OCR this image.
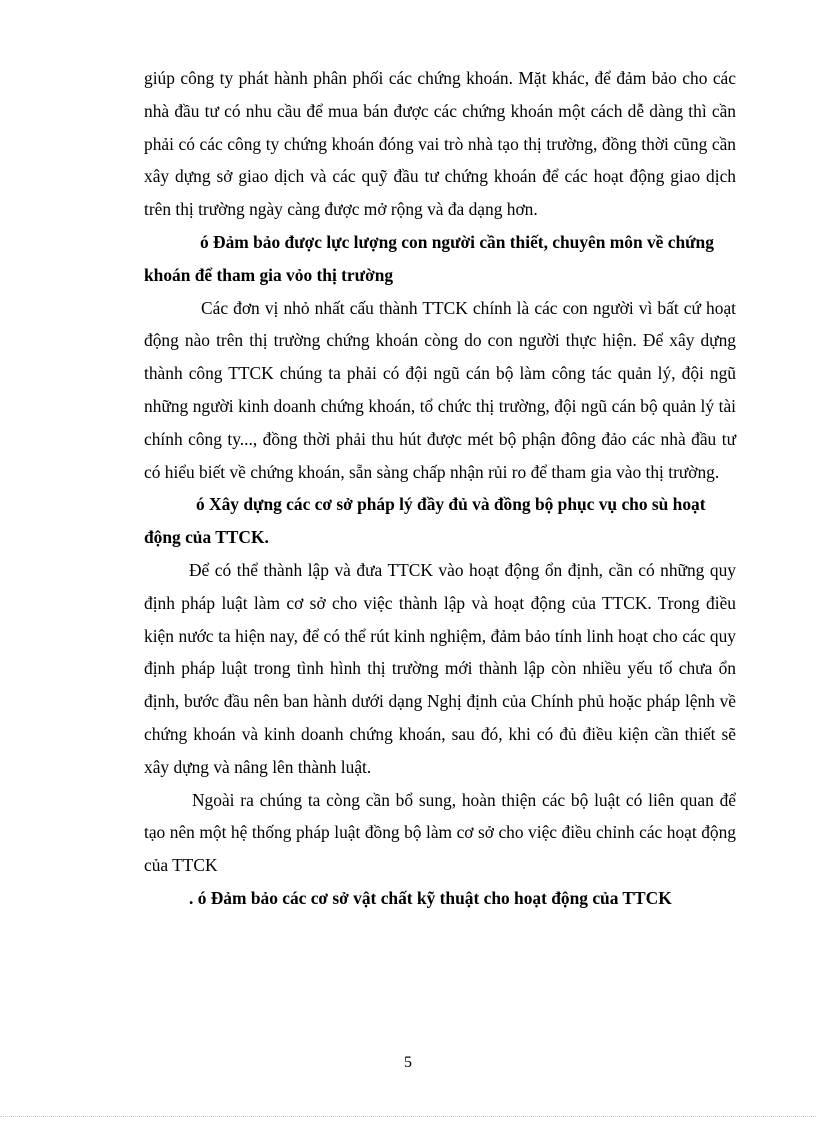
giúp công ty phát hành phân phối các chứng khoán. Mặt khác, để đảm bảo cho các nhà đầu tư có nhu cầu để mua bán được các chứng khoán một cách dễ dàng thì cần phải có các công ty chứng khoán đóng vai trò nhà tạo thị trường, đồng thời cũng cần xây dựng sở giao dịch và các quỹ đầu tư chứng khoán để các hoạt động giao dịch trên thị trường ngày càng được mở rộng và đa dạng hơn.

ó Đảm bảo được lực lượng con người cần thiết, chuyên môn về chứng khoán để tham gia vỏo thị trường

Các đơn vị nhỏ nhất cấu thành TTCK chính là các con người vì bất cứ hoạt động nào trên thị trường chứng khoán còng do con người thực hiện. Để xây dựng thành công TTCK chúng ta phải có đội ngũ cán bộ làm công tác quản lý, đội ngũ những người kinh doanh chứng khoán, tổ chức thị trường, đội ngũ cán bộ quản lý tài chính công ty..., đồng thời phải thu hút được mét bộ phận đông đảo các nhà đầu tư có hiểu biết về chứng khoán, sẵn sàng chấp nhận rủi ro để tham gia vào thị trường.

ó Xây dựng các cơ sở pháp lý đầy đủ và đồng bộ phục vụ cho sù hoạt động của TTCK.

Để có thể thành lập và đưa TTCK vào hoạt động ổn định, cần có những quy định pháp luật làm cơ sở cho việc thành lập và hoạt động của TTCK. Trong điều kiện nước ta hiện nay, để có thể rút kinh nghiệm, đảm bảo tính linh hoạt cho các quy định pháp luật trong tình hình thị trường mới thành lập còn nhiều yếu tố chưa ổn định, bước đầu nên ban hành dưới dạng Nghị định của Chính phủ hoặc pháp lệnh về chứng khoán và kinh doanh chứng khoán, sau đó, khi có đủ điều kiện cần thiết sẽ xây dựng và nâng lên thành luật.

Ngoài ra chúng ta còng cần bổ sung, hoàn thiện các bộ luật có liên quan để tạo nên một hệ thống pháp luật đồng bộ làm cơ sở cho việc điều chỉnh các hoạt động của TTCK

. ó Đảm bảo các cơ sở vật chất kỹ thuật cho hoạt động của TTCK

5
